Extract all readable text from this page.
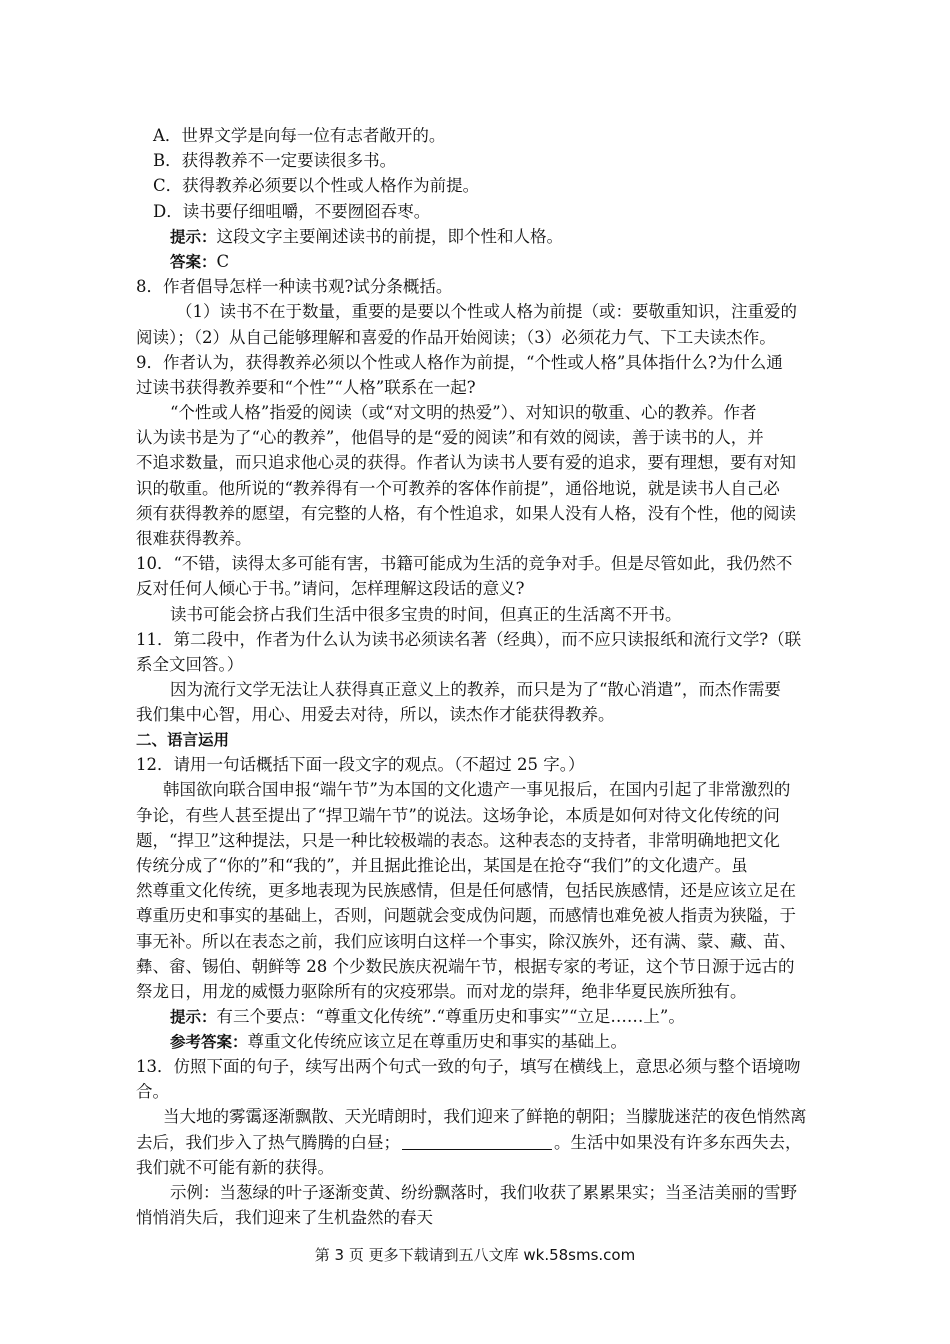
A．世界文学是向每一位有志者敞开的。
B．获得教养不一定要读很多书。
C．获得教养必须要以个性或人格作为前提。
D．读书要仔细咀嚼，不要囫囵吞枣。
提示：这段文字主要阐述读书的前提，即个性和人格。
答案：C
8．作者倡导怎样一种读书观?试分条概括。
（1）读书不在于数量，重要的是要以个性或人格为前提（或：要敬重知识，注重爱的
阅读）；（2）从自己能够理解和喜爱的作品开始阅读；（3）必须花力气、下工夫读杰作。
9．作者认为，获得教养必须以个性或人格作为前提，“个性或人格”具体指什么?为什么通
过读书获得教养要和“个性”“人格”联系在一起?
“个性或人格”指爱的阅读（或“对文明的热爱”）、对知识的敬重、心的教养。作者
认为读书是为了“心的教养”，他倡导的是“爱的阅读”和有效的阅读，善于读书的人，并
不追求数量，而只追求他心灵的获得。作者认为读书人要有爱的追求，要有理想，要有对知
识的敬重。他所说的“教养得有一个可教养的客体作前提”，通俗地说，就是读书人自己必
须有获得教养的愿望，有完整的人格，有个性追求，如果人没有人格，没有个性，他的阅读
很难获得教养。
10．“不错，读得太多可能有害，书籍可能成为生活的竞争对手。但是尽管如此，我仍然不
反对任何人倾心于书。”请问，怎样理解这段话的意义?
读书可能会挤占我们生活中很多宝贵的时间，但真正的生活离不开书。
11．第二段中，作者为什么认为读书必须读名著（经典），而不应只读报纸和流行文学?（联
系全文回答。）
因为流行文学无法让人获得真正意义上的教养，而只是为了“散心消遣”，而杰作需要
我们集中心智，用心、用爱去对待，所以，读杰作才能获得教养。
二、语言运用
12．请用一句话概括下面一段文字的观点。（不超过 25 字。）
韩国欲向联合国申报“端午节”为本国的文化遗产一事见报后，在国内引起了非常激烈的
争论，有些人甚至提出了“捍卫端午节”的说法。这场争论，本质是如何对待文化传统的问
题，“捍卫”这种提法，只是一种比较极端的表态。这种表态的支持者，非常明确地把文化
传统分成了“你的”和“我的”，并且据此推论出，某国是在抢夺“我们”的文化遗产。虽
然尊重文化传统，更多地表现为民族感情，但是任何感情，包括民族感情，还是应该立足在
尊重历史和事实的基础上，否则，问题就会变成伪问题，而感情也难免被人指责为狭隘，于
事无补。所以在表态之前，我们应该明白这样一个事实，除汉族外，还有满、蒙、藏、苗、
彝、畲、锡伯、朝鲜等 28 个少数民族庆祝端午节，根据专家的考证，这个节日源于远古的
祭龙日，用龙的威慑力驱除所有的灾疫邪祟。而对龙的崇拜，绝非华夏民族所独有。
提示：有三个要点：“尊重文化传统”.“尊重历史和事实”“立足……上”。
参考答案：尊重文化传统应该立足在尊重历史和事实的基础上。
13．仿照下面的句子，续写出两个句式一致的句子，填写在横线上，意思必须与整个语境吻
合。
当大地的雾霭逐渐飘散、天光晴朗时，我们迎来了鲜艳的朝阳；当朦胧迷茫的夜色悄然离
去后，我们步入了热气腾腾的白昼；	。生活中如果没有许多东西失去，
我们就不可能有新的获得。
示例：当葱绿的叶子逐渐变黄、纷纷飘落时，我们收获了累累果实；当圣洁美丽的雪野
悄悄消失后，我们迎来了生机盎然的春天
第 3 页 更多下载请到五八文库 wk.58sms.com
